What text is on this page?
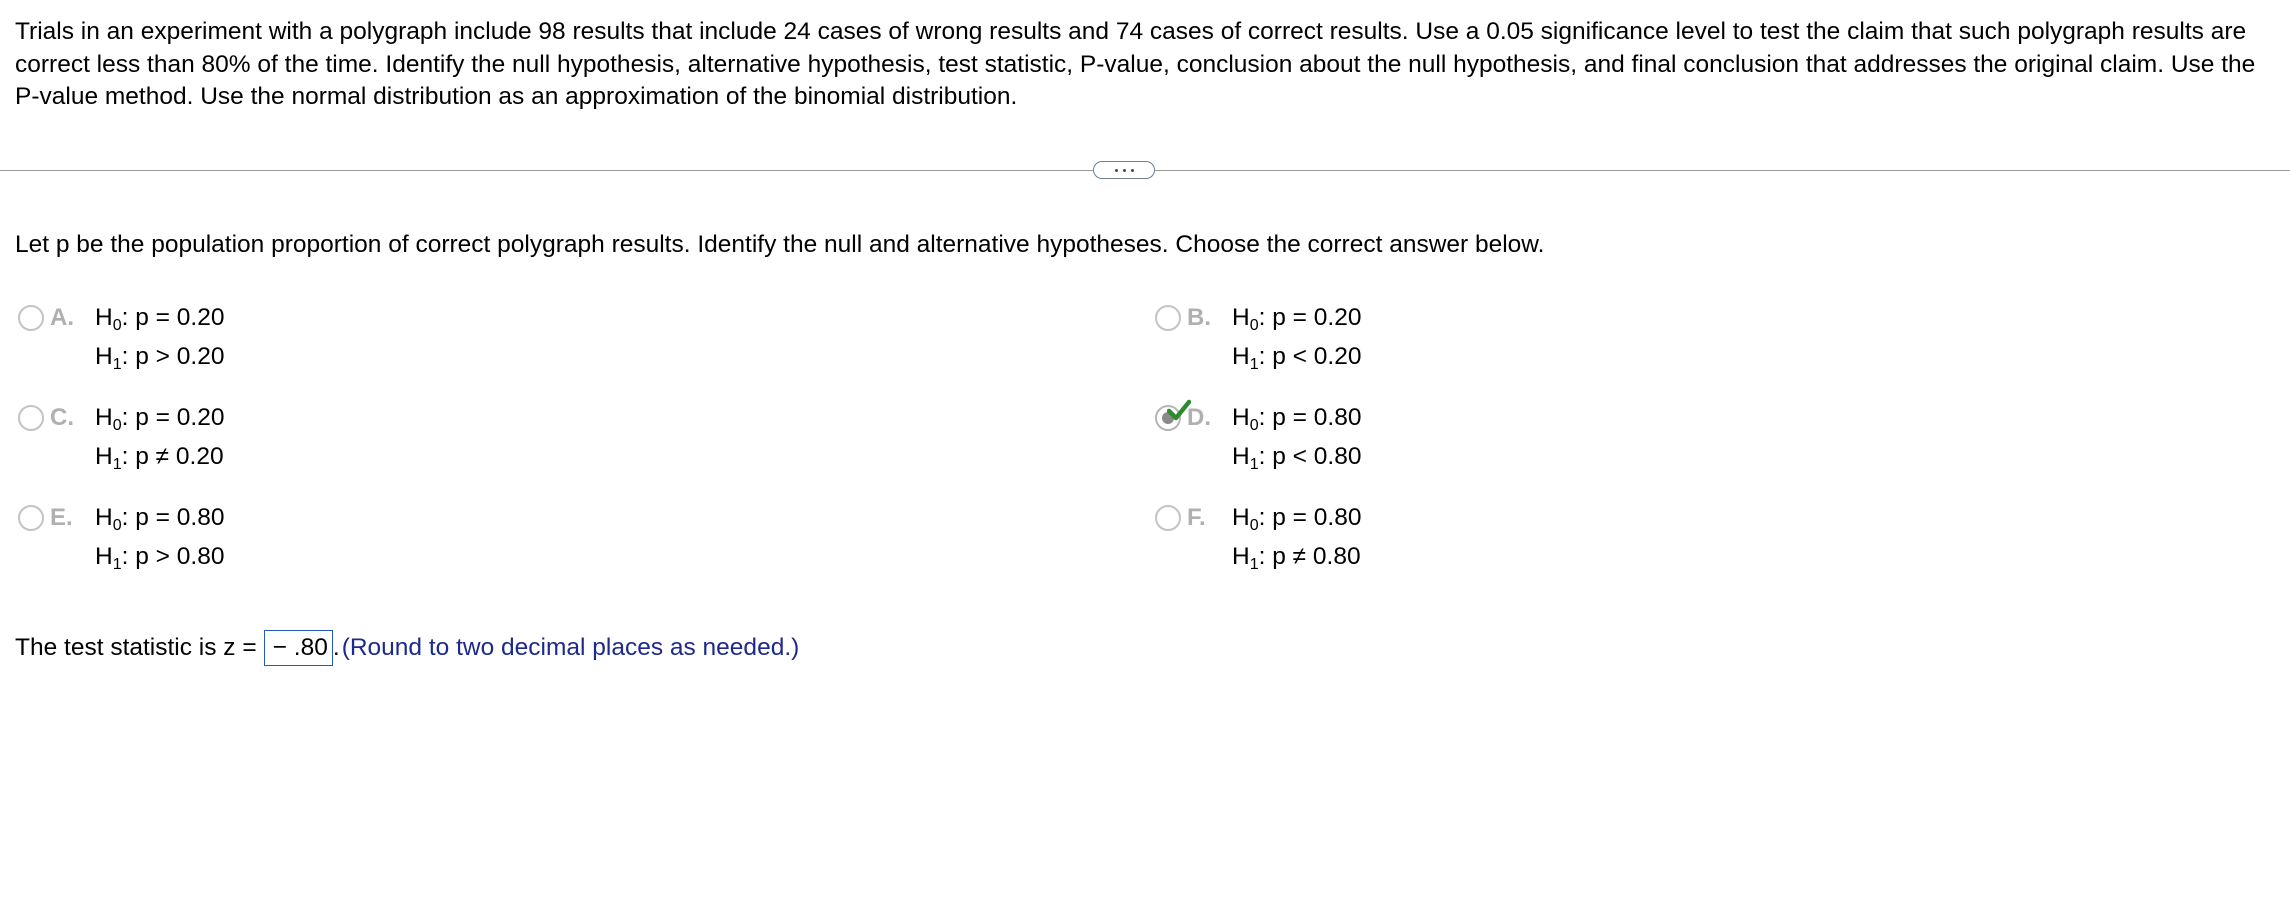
Trials in an experiment with a polygraph include 98 results that include 24 cases of wrong results and 74 cases of correct results. Use a 0.05 significance level to test the claim that such polygraph results are correct less than 80% of the time. Identify the null hypothesis, alternative hypothesis, test statistic, P-value, conclusion about the null hypothesis, and final conclusion that addresses the original claim. Use the P-value method. Use the normal distribution as an approximation of the binomial distribution.
Let p be the population proportion of correct polygraph results. Identify the null and alternative hypotheses. Choose the correct answer below.
A. $H_0$: p = 0.20
$H_1$: p > 0.20
B. $H_0$: p = 0.20
$H_1$: p < 0.20
C. $H_0$: p = 0.20
$H_1$: p ≠ 0.20
D. $H_0$: p = 0.80
$H_1$: p < 0.80
E. $H_0$: p = 0.80
$H_1$: p > 0.80
F.	$H_0$: p = 0.80
$H_1$: p ≠ 0.80
The test statistic is z = − .80 . (Round to two decimal places as needed.)
